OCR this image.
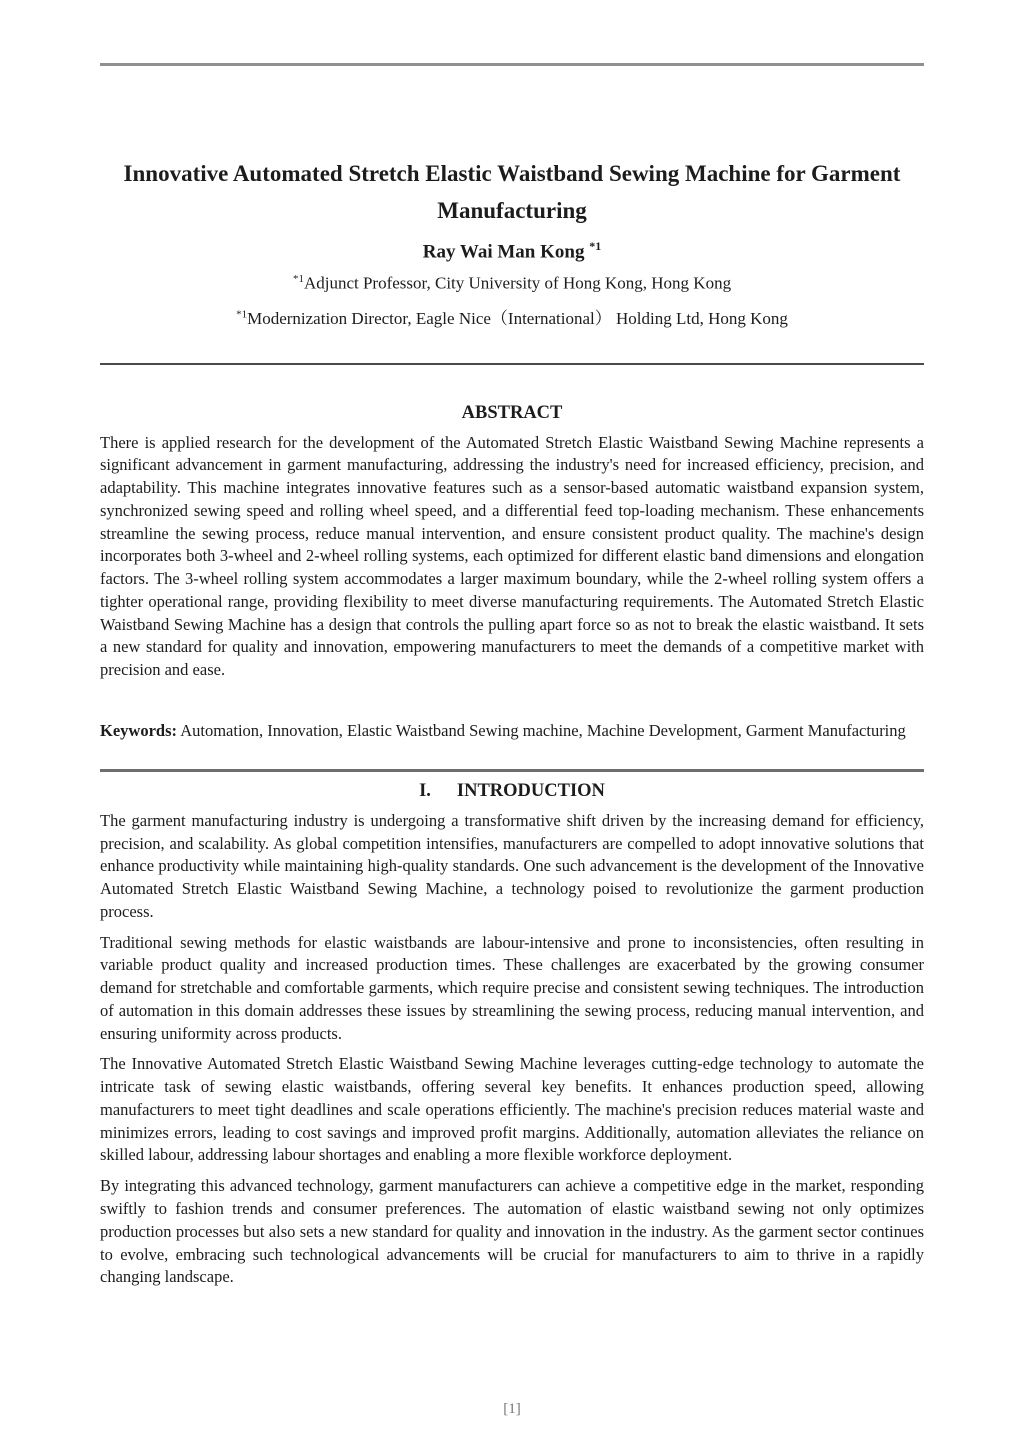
Innovative Automated Stretch Elastic Waistband Sewing Machine for Garment Manufacturing
Ray Wai Man Kong $^{*1}$
$^{*1}$Adjunct Professor, City University of Hong Kong, Hong Kong
$^{*1}$Modernization Director, Eagle Nice（International） Holding Ltd, Hong Kong
ABSTRACT

There is applied research for the development of the Automated Stretch Elastic Waistband Sewing Machine represents a significant advancement in garment manufacturing, addressing the industry's need for increased efficiency, precision, and adaptability. This machine integrates innovative features such as a sensor-based automatic waistband expansion system, synchronized sewing speed and rolling wheel speed, and a differential feed top-loading mechanism. These enhancements streamline the sewing process, reduce manual intervention, and ensure consistent product quality. The machine's design incorporates both 3-wheel and 2-wheel rolling systems, each optimized for different elastic band dimensions and elongation factors. The 3-wheel rolling system accommodates a larger maximum boundary, while the 2-wheel rolling system offers a tighter operational range, providing flexibility to meet diverse manufacturing requirements. The Automated Stretch Elastic Waistband Sewing Machine has a design that controls the pulling apart force so as not to break the elastic waistband. It sets a new standard for quality and innovation, empowering manufacturers to meet the demands of a competitive market with precision and ease.

Keywords: Automation, Innovation, Elastic Waistband Sewing machine, Machine Development, Garment Manufacturing

I. INTRODUCTION

The garment manufacturing industry is undergoing a transformative shift driven by the increasing demand for efficiency, precision, and scalability. As global competition intensifies, manufacturers are compelled to adopt innovative solutions that enhance productivity while maintaining high-quality standards. One such advancement is the development of the Innovative Automated Stretch Elastic Waistband Sewing Machine, a technology poised to revolutionize the garment production process.

Traditional sewing methods for elastic waistbands are labour-intensive and prone to inconsistencies, often resulting in variable product quality and increased production times. These challenges are exacerbated by the growing consumer demand for stretchable and comfortable garments, which require precise and consistent sewing techniques. The introduction of automation in this domain addresses these issues by streamlining the sewing process, reducing manual intervention, and ensuring uniformity across products.

The Innovative Automated Stretch Elastic Waistband Sewing Machine leverages cutting-edge technology to automate the intricate task of sewing elastic waistbands, offering several key benefits. It enhances production speed, allowing manufacturers to meet tight deadlines and scale operations efficiently. The machine's precision reduces material waste and minimizes errors, leading to cost savings and improved profit margins. Additionally, automation alleviates the reliance on skilled labour, addressing labour shortages and enabling a more flexible workforce deployment.

By integrating this advanced technology, garment manufacturers can achieve a competitive edge in the market, responding swiftly to fashion trends and consumer preferences. The automation of elastic waistband sewing not only optimizes production processes but also sets a new standard for quality and innovation in the industry. As the garment sector continues to evolve, embracing such technological advancements will be crucial for manufacturers to aim to thrive in a rapidly changing landscape.

[1]
